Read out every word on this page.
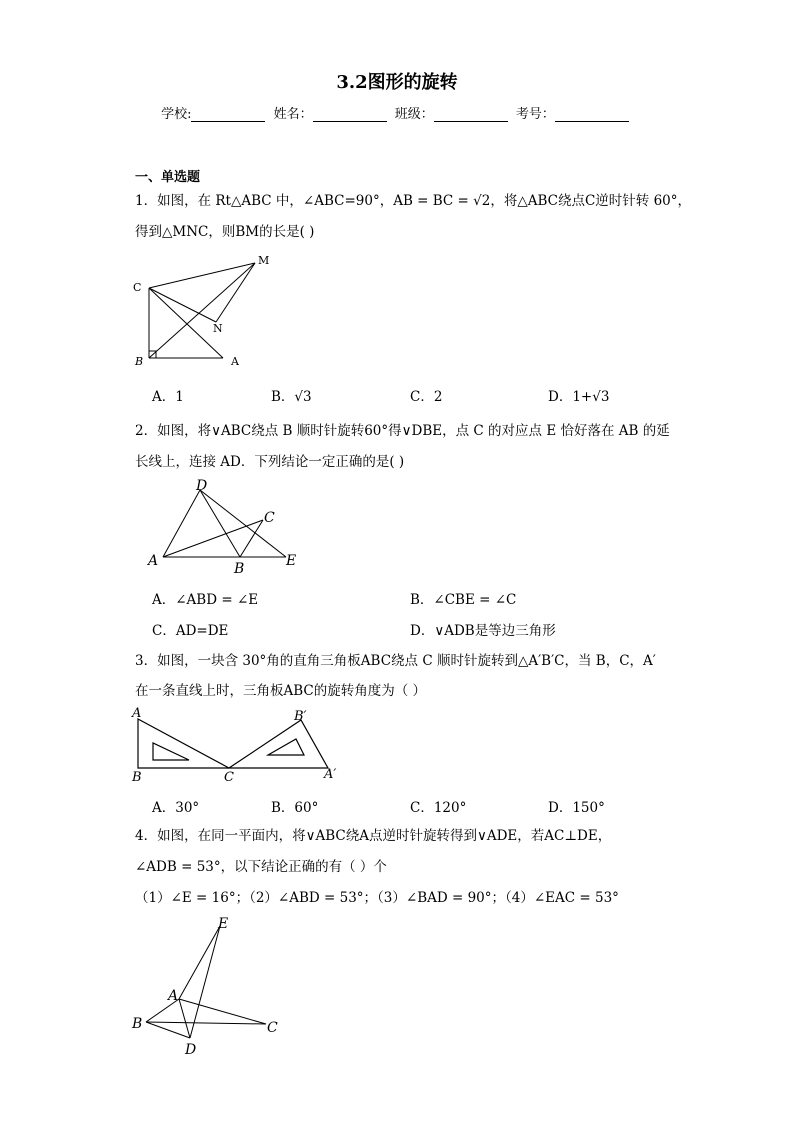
3.2图形的旋转
学校:	姓名：	班级：	考号：
一、单选题
1．如图，在 Rt△ABC 中，∠ABC=90°，AB = BC = √2，将△ABC绕点C逆时针转 60°，
得到△MNC，则BM的长是( )
C
M
N
B	A
A．1	B．√3	C．2	D．1+√3
2．如图，将∨ABC绕点 B 顺时针旋转60°得∨DBE，点 C 的对应点 E 恰好落在 AB 的延
长线上，连接 AD．下列结论一定正确的是( )
D
C
A	B	E
A．∠ABD = ∠E	B．∠CBE = ∠C
C．AD=DE	D．∨ADB是等边三角形
3．如图，一块含 30°角的直角三角板ABC绕点 C 顺时针旋转到△A′B′C，当 B，C，A′
在一条直线上时，三角板ABC的旋转角度为（ ）
A
B	C
B′
A′
A．30°	B．60°	C．120°	D．150°
4．如图，在同一平面内，将∨ABC绕A点逆时针旋转得到∨ADE，若AC⊥DE，
∠ADB = 53°，以下结论正确的有（ ）个
（1）∠E = 16°；（2）∠ABD = 53°；（3）∠BAD = 90°；（4）∠EAC = 53°
E
A
B	C
D
